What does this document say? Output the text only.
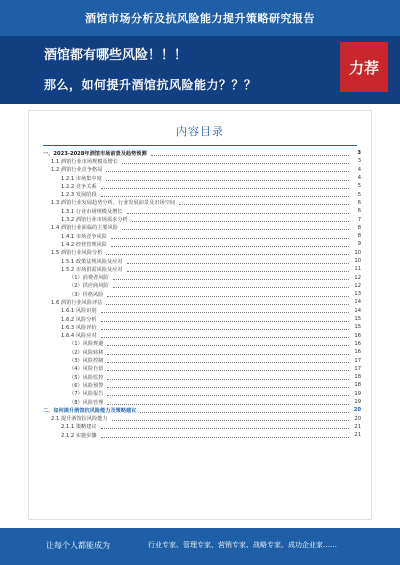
酒馆市场分析及抗风险能力提升策略研究报告
酒馆都有哪些风险！！！
那么，如何提升酒馆抗风险能力？？？
力荐
内容目录
一、2023-2028年酒馆市场前景及趋势预测	3
1.1 酒馆行业市场规模及增长	3
1.2 酒馆行业竞争格局	4
1.2.1 市场集中度	4
1.2.2 竞争关系	5
1.2.3 发展阶段	5
1.3 酒馆行业发展趋势分析，行业发展前景及市场空间	6
1.3.1 行业市场规模及增长	6
1.3.2 酒馆行业市场需求分析	7
1.4 酒馆行业面临的主要风险	8
1.4.1 市场竞争风险	8
1.4.2 经营管理风险	9
1.5 酒馆行业风险分析	10
1.5.1 政策法规风险及应对	10
1.5.2 市场供需风险及应对	11
（1）消费者风险	12
（2）供应商风险	12
（3）价格风险	13
1.6 酒馆行业风险评估	14
1.6.1 风险识别	14
1.6.2 风险分析	15
1.6.3 风险评价	15
1.6.4 风险应对	16
（1）风险规避	16
（2）风险转移	16
（3）风险控制	17
（4）风险自留	17
（5）风险监控	18
（6）风险预警	18
（7）风险报告	19
（8）风险管理	19
二、如何提升酒馆抗风险能力及策略建议	20
2.1 提升酒馆抗风险能力	20
2.1.1 策略建议	21
2.1.2 实施步骤	21
让每个人都能成为	行业专家、管理专家、营销专家、战略专家、成功企业家……
